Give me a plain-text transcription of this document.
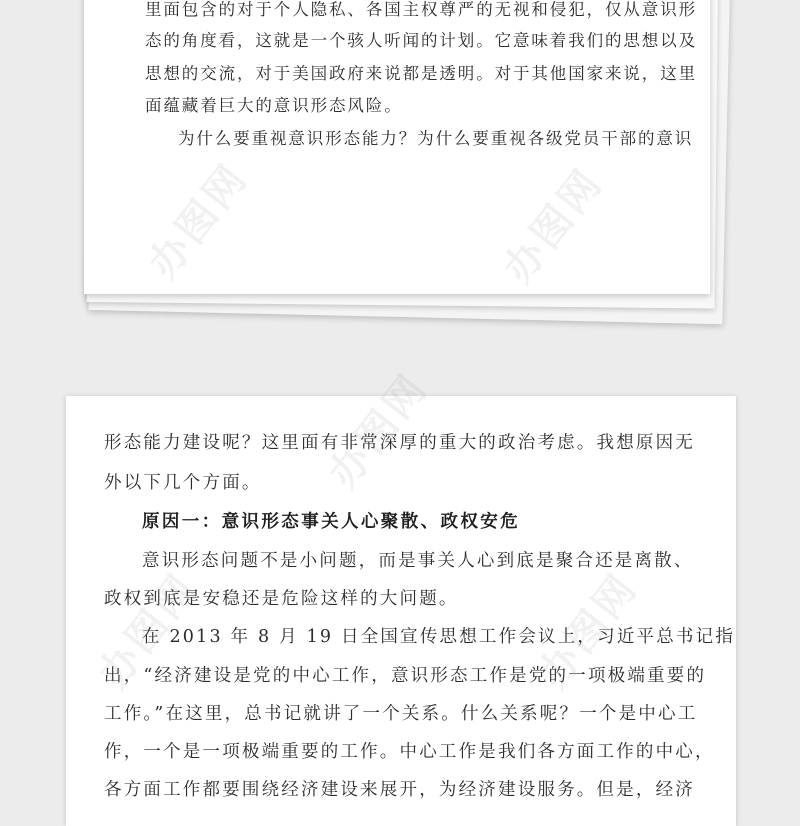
里面包含的对于个人隐私、各国主权尊严的无视和侵犯，仅从意识形
态的角度看，这就是一个骇人听闻的计划。它意味着我们的思想以及
思想的交流，对于美国政府来说都是透明。对于其他国家来说，这里
面蕴藏着巨大的意识形态风险。
为什么要重视意识形态能力？为什么要重视各级党员干部的意识
形态能力建设呢？这里面有非常深厚的重大的政治考虑。我想原因无
外以下几个方面。
原因一：意识形态事关人心聚散、政权安危
意识形态问题不是小问题，而是事关人心到底是聚合还是离散、
政权到底是安稳还是危险这样的大问题。
在 2013 年 8 月 19 日全国宣传思想工作会议上，习近平总书记指
出，“经济建设是党的中心工作，意识形态工作是党的一项极端重要的
工作。”在这里，总书记就讲了一个关系。什么关系呢？一个是中心工
作，一个是一项极端重要的工作。中心工作是我们各方面工作的中心，
各方面工作都要围绕经济建设来展开，为经济建设服务。但是，经济
